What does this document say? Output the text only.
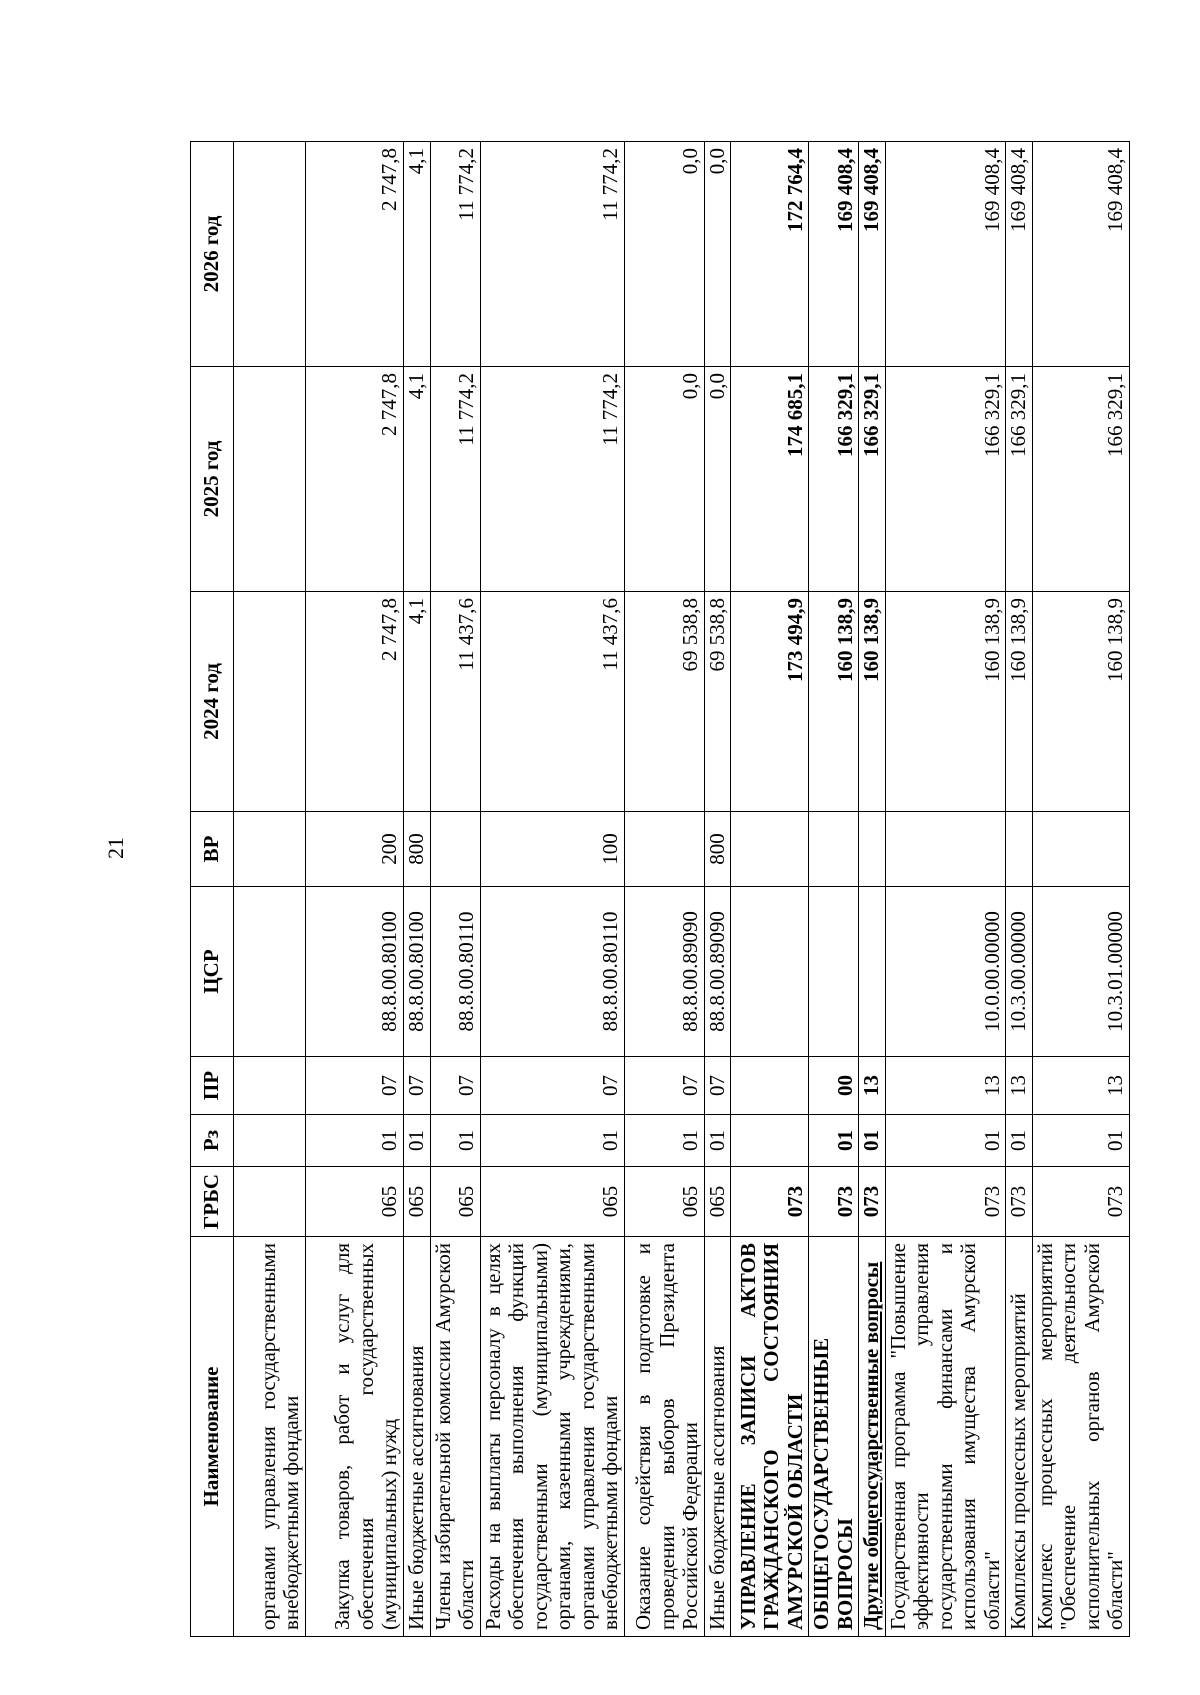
21
Наименование	ГРБС	Рз	ПР	ЦСР	ВР	2024 год	2025 год	2026 год
органами управления государственными внебюджетными фондами								
Закупка товаров, работ и услуг для обеспечения государственных (муниципальных) нужд	065	01	07	88.8.00.80100	200	2 747,8	2 747,8	2 747,8
Иные бюджетные ассигнования	065	01	07	88.8.00.80100	800	4,1	4,1	4,1
Члены избирательной комиссии Амурской области	065	01	07	88.8.00.80110		11 437,6	11 774,2	11 774,2
Расходы на выплаты персоналу в целях обеспечения выполнения функций государственными (муниципальными) органами, казенными учреждениями, органами управления государственными внебюджетными фондами	065	01	07	88.8.00.80110	100	11 437,6	11 774,2	11 774,2
Оказание содействия в подготовке и проведении выборов Президента Российской Федерации	065	01	07	88.8.00.89090		69 538,8	0,0	0,0
Иные бюджетные ассигнования	065	01	07	88.8.00.89090	800	69 538,8	0,0	0,0
УПРАВЛЕНИЕ ЗАПИСИ АКТОВ ГРАЖДАНСКОГО СОСТОЯНИЯ АМУРСКОЙ ОБЛАСТИ	073					173 494,9	174 685,1	172 764,4
ОБЩЕГОСУДАРСТВЕННЫЕ ВОПРОСЫ	073	01	00			160 138,9	166 329,1	169 408,4
Другие общегосударственные вопросы	073	01	13			160 138,9	166 329,1	169 408,4
Государственная программа "Повышение эффективности управления государственными финансами и использования имущества Амурской области"	073	01	13	10.0.00.00000		160 138,9	166 329,1	169 408,4
Комплексы процессных мероприятий	073	01	13	10.3.00.00000		160 138,9	166 329,1	169 408,4
Комплекс процессных мероприятий "Обеспечение деятельности исполнительных органов Амурской области"	073	01	13	10.3.01.00000		160 138,9	166 329,1	169 408,4
